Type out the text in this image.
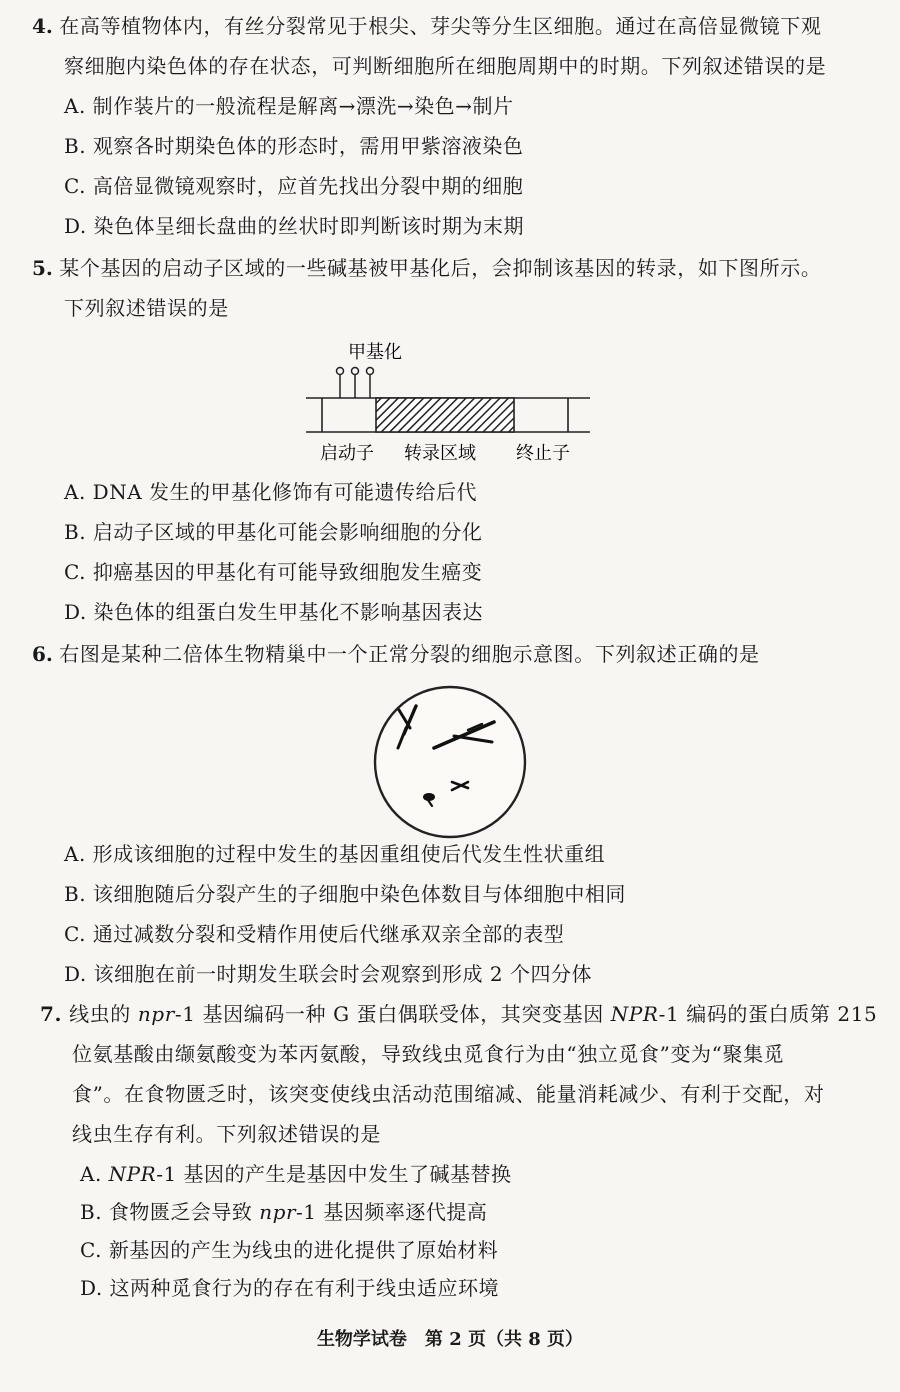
4. 在高等植物体内，有丝分裂常见于根尖、芽尖等分生区细胞。通过在高倍显微镜下观
察细胞内染色体的存在状态，可判断细胞所在细胞周期中的时期。下列叙述错误的是
A. 制作装片的一般流程是解离→漂洗→染色→制片
B. 观察各时期染色体的形态时，需用甲紫溶液染色
C. 高倍显微镜观察时，应首先找出分裂中期的细胞
D. 染色体呈细长盘曲的丝状时即判断该时期为末期
5. 某个基因的启动子区域的一些碱基被甲基化后，会抑制该基因的转录，如下图所示。
下列叙述错误的是
甲基化
启动子 转录区域 终止子
A. DNA 发生的甲基化修饰有可能遗传给后代
B. 启动子区域的甲基化可能会影响细胞的分化
C. 抑癌基因的甲基化有可能导致细胞发生癌变
D. 染色体的组蛋白发生甲基化不影响基因表达
6. 右图是某种二倍体生物精巢中一个正常分裂的细胞示意图。下列叙述正确的是
A. 形成该细胞的过程中发生的基因重组使后代发生性状重组
B. 该细胞随后分裂产生的子细胞中染色体数目与体细胞中相同
C. 通过减数分裂和受精作用使后代继承双亲全部的表型
D. 该细胞在前一时期发生联会时会观察到形成 2 个四分体
7. 线虫的 npr-1 基因编码一种 G 蛋白偶联受体，其突变基因 NPR-1 编码的蛋白质第 215
位氨基酸由缬氨酸变为苯丙氨酸，导致线虫觅食行为由“独立觅食”变为“聚集觅
食”。在食物匮乏时，该突变使线虫活动范围缩减、能量消耗减少、有利于交配，对
线虫生存有利。下列叙述错误的是
A. NPR-1 基因的产生是基因中发生了碱基替换
B. 食物匮乏会导致 npr-1 基因频率逐代提高
C. 新基因的产生为线虫的进化提供了原始材料
D. 这两种觅食行为的存在有利于线虫适应环境
生物学试卷　第 2 页（共 8 页）
